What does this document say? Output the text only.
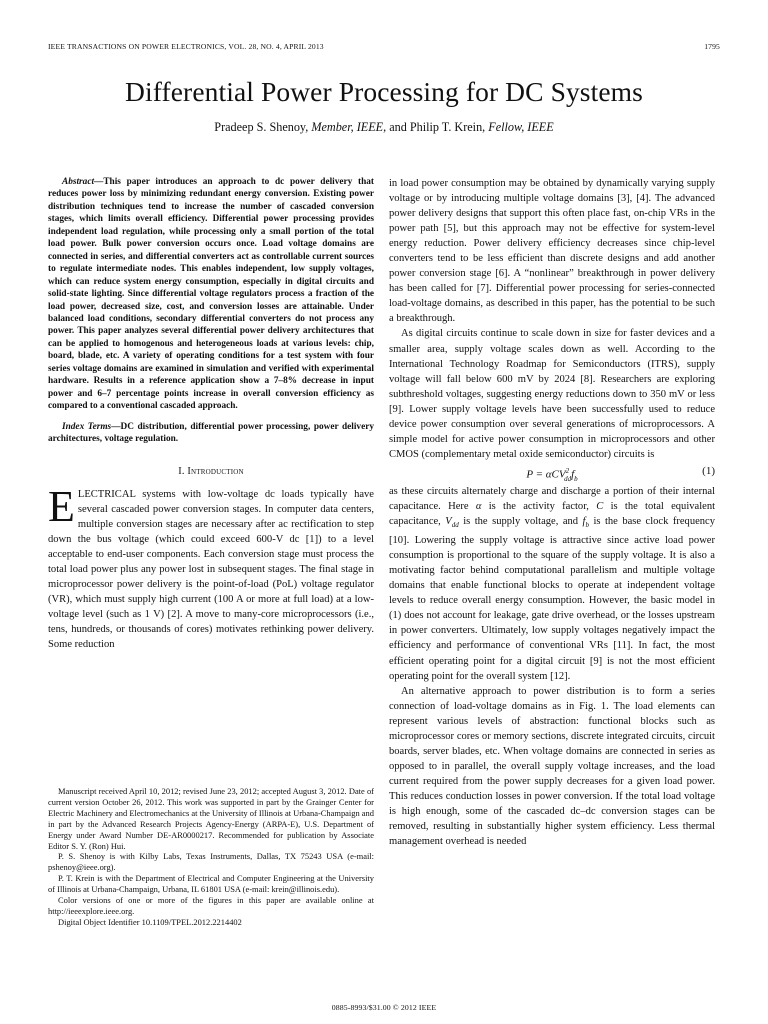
IEEE TRANSACTIONS ON POWER ELECTRONICS, VOL. 28, NO. 4, APRIL 2013	1795
Differential Power Processing for DC Systems
Pradeep S. Shenoy, Member, IEEE, and Philip T. Krein, Fellow, IEEE

Abstract—This paper introduces an approach to dc power delivery that reduces power loss by minimizing redundant energy conversion. Existing power distribution techniques tend to increase the number of cascaded conversion stages, which limits overall efficiency. Differential power processing provides independent load regulation, while processing only a small portion of the total load power. Bulk power conversion occurs once. Load voltage domains are connected in series, and differential converters act as controllable current sources to regulate intermediate nodes. This enables independent, low supply voltages, which can reduce system energy consumption, especially in digital circuits and solid-state lighting. Since differential voltage regulators process a fraction of the load power, decreased size, cost, and conversion losses are attainable. Under balanced load conditions, secondary differential converters do not process any power. This paper analyzes several differential power delivery architectures that can be applied to homogenous and heterogeneous loads at various levels: chip, board, blade, etc. A variety of operating conditions for a test system with four series voltage domains are examined in simulation and verified with experimental hardware. Results in a reference application show a 7–8% decrease in input power and 6–7 percentage points increase in overall conversion efficiency as compared to a conventional cascaded approach.

Index Terms—DC distribution, differential power processing, power delivery architectures, voltage regulation.

I. Introduction

ELECTRICAL systems with low-voltage dc loads typically have several cascaded power conversion stages. In computer data centers, multiple conversion stages are necessary after ac rectification to step down the bus voltage (which could exceed 600-V dc [1]) to a level acceptable to end-user components. Each conversion stage must process the total load power plus any power lost in subsequent stages. The final stage in microprocessor power delivery is the point-of-load (PoL) voltage regulator (VR), which must supply high current (100 A or more at full load) at a low-voltage level (such as 1 V) [2]. A move to many-core microprocessors (i.e., tens, hundreds, or thousands of cores) motivates rethinking power delivery. Some reduction

Manuscript received April 10, 2012; revised June 23, 2012; accepted August 3, 2012. Date of current version October 26, 2012. This work was supported in part by the Grainger Center for Electric Machinery and Electromechanics at the University of Illinois at Urbana-Champaign and in part by the Advanced Research Projects Agency-Energy (ARPA-E), U.S. Department of Energy under Award Number DE-AR0000217. Recommended for publication by Associate Editor S. Y. (Ron) Hui.

P. S. Shenoy is with Kilby Labs, Texas Instruments, Dallas, TX 75243 USA (e-mail: pshenoy@ieee.org).

P. T. Krein is with the Department of Electrical and Computer Engineering at the University of Illinois at Urbana-Champaign, Urbana, IL 61801 USA (e-mail: krein@illinois.edu).

Color versions of one or more of the figures in this paper are available online at http://ieeexplore.ieee.org.

Digital Object Identifier 10.1109/TPEL.2012.2214402

in load power consumption may be obtained by dynamically varying supply voltage or by introducing multiple voltage domains [3], [4]. The advanced power delivery designs that support this often place fast, on-chip VRs in the power path [5], but this approach may not be effective for system-level energy reduction. Power delivery efficiency decreases since chip-level converters tend to be less efficient than discrete designs and add another power conversion stage [6]. A “nonlinear” breakthrough in power delivery has been called for [7]. Differential power processing for series-connected load-voltage domains, as described in this paper, has the potential to be such a breakthrough.

As digital circuits continue to scale down in size for faster devices and a smaller area, supply voltage scales down as well. According to the International Technology Roadmap for Semiconductors (ITRS), supply voltage will fall below 600 mV by 2024 [8]. Researchers are exploring subthreshold voltages, suggesting energy reductions down to 350 mV or less [9]. Lower supply voltage levels have been successfully used to reduce device power consumption over several generations of microprocessors. A simple model for active power consumption in microprocessors and other CMOS (complementary metal oxide semiconductor) circuits is

$P = \alpha CV^2_{dd}f_b$
(1)

as these circuits alternately charge and discharge a portion of their internal capacitance. Here α is the activity factor, C is the total equivalent capacitance, $V_{dd}$ is the supply voltage, and $f_b$ is the base clock frequency [10]. Lowering the supply voltage is attractive since active load power consumption is proportional to the square of the supply voltage. It is also a motivating factor behind computational parallelism and multiple voltage domains that enable functional blocks to operate at independent voltage levels to reduce overall energy consumption. However, the basic model in (1) does not account for leakage, gate drive overhead, or the losses upstream in power converters. Ultimately, low supply voltages negatively impact the efficiency and performance of conventional VRs [11]. In fact, the most efficient operating point for a digital circuit [9] is not the most efficient operating point for the overall system [12].

An alternative approach to power distribution is to form a series connection of load-voltage domains as in Fig. 1. The load elements can represent various levels of abstraction: functional blocks such as microprocessor cores or memory sections, discrete integrated circuits, circuit boards, server blades, etc. When voltage domains are connected in series as opposed to in parallel, the overall supply voltage increases, and the load current required from the power supply decreases for a given load power. This reduces conduction losses in power conversion. If the total load voltage is high enough, some of the cascaded dc–dc conversion stages can be removed, resulting in substantially higher system efficiency. Less thermal management overhead is needed

0885-8993/$31.00 © 2012 IEEE
